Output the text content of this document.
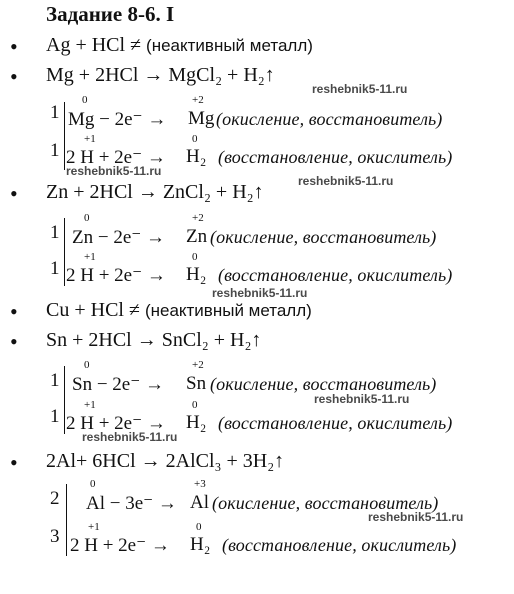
Задание 8-6. I
• Ag + HCl ≠ (неактивный металл)
• Mg + 2HCl → MgCl₂ + H₂↑
1
0
Mg − 2e⁻ →
+2
Mg (окисление, восстановитель)
1
+1
2 H + 2e⁻ →
0
H₂ (восстановление, окислитель)
• Zn + 2HCl → ZnCl₂ + H₂↑
1
0
Zn − 2e⁻ →
+2
Zn (окисление, восстановитель)
1
+1
2 H + 2e⁻ →
0
H₂ (восстановление, окислитель)
• Cu + HCl ≠ (неактивный металл)
• Sn + 2HCl → SnCl₂ + H₂↑
1
0
Sn − 2e⁻ →
+2
Sn (окисление, восстановитель)
1
+1
2 H + 2e⁻ →
0
H₂ (восстановление, окислитель)
• 2Al+ 6HCl → 2AlCl₃ + 3H₂↑
2
0
Al − 3e⁻ →
+3
Al (окисление, восстановитель)
3	+1
2 H + 2e⁻ →
0
H₂ (восстановление, окислитель)
reshebnik5-11.ru
reshebnik5-11.ru
reshebnik5-11.ru
reshebnik5-11.ru
reshebnik5-11.ru
reshebnik5-11.ru
reshebnik5-11.ru
